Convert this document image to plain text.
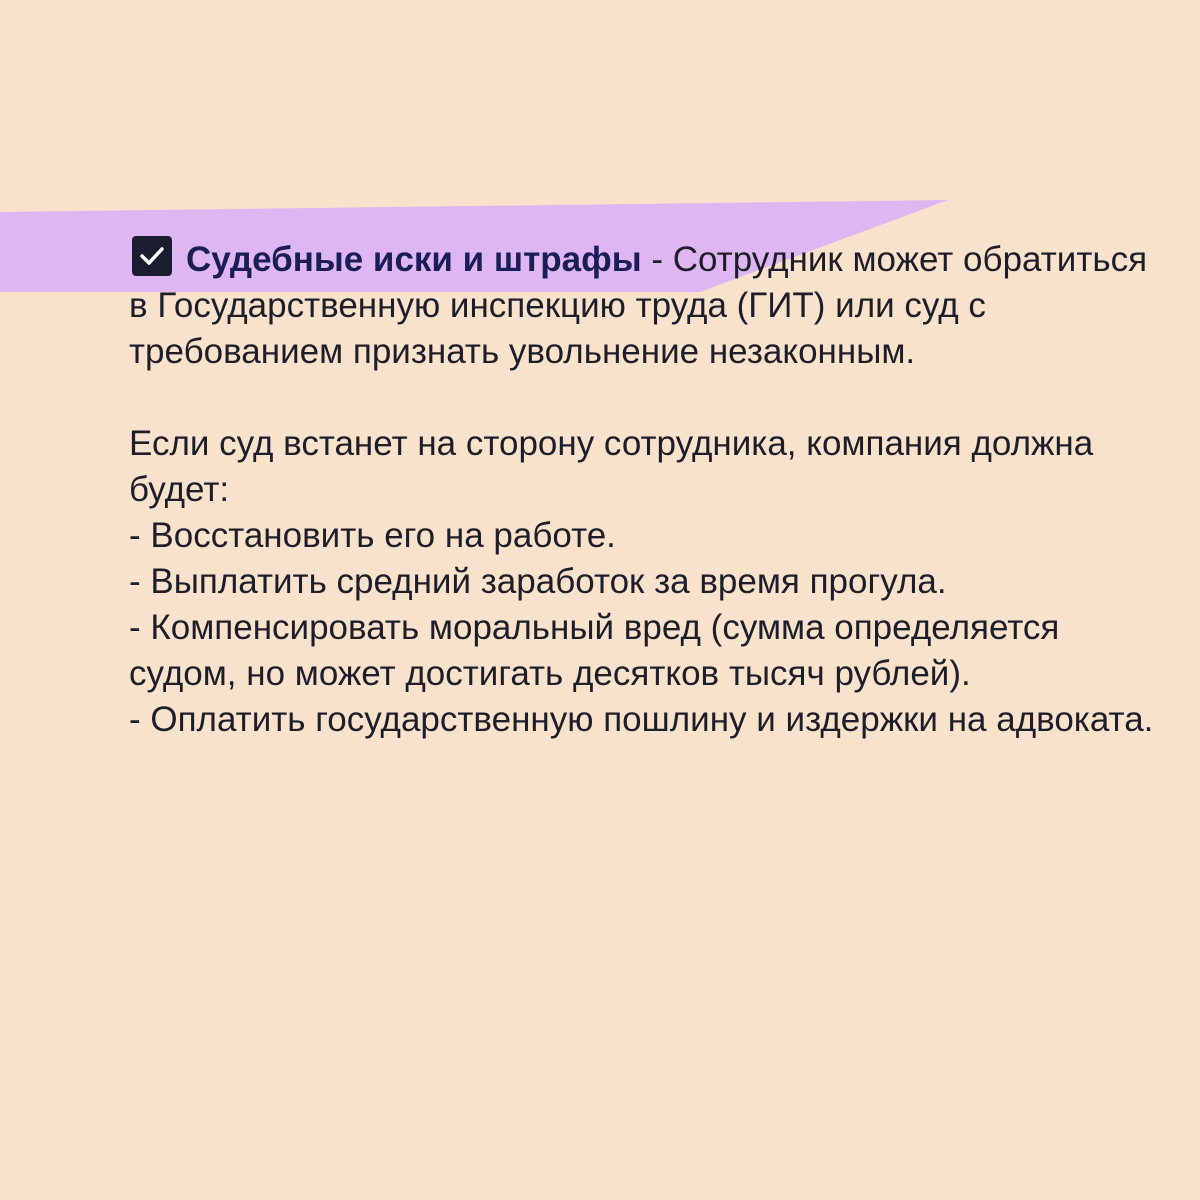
Судебные иски и штрафы - Сотрудник может обратиться в Государственную инспекцию труда (ГИТ) или суд с требованием признать увольнение незаконным.

Если суд встанет на сторону сотрудника, компания должна будет:

- Восстановить его на работе.
- Выплатить средний заработок за время прогула.
- Компенсировать моральный вред (сумма определяется судом, но может достигать десятков тысяч рублей).
- Оплатить государственную пошлину и издержки на адвоката.
